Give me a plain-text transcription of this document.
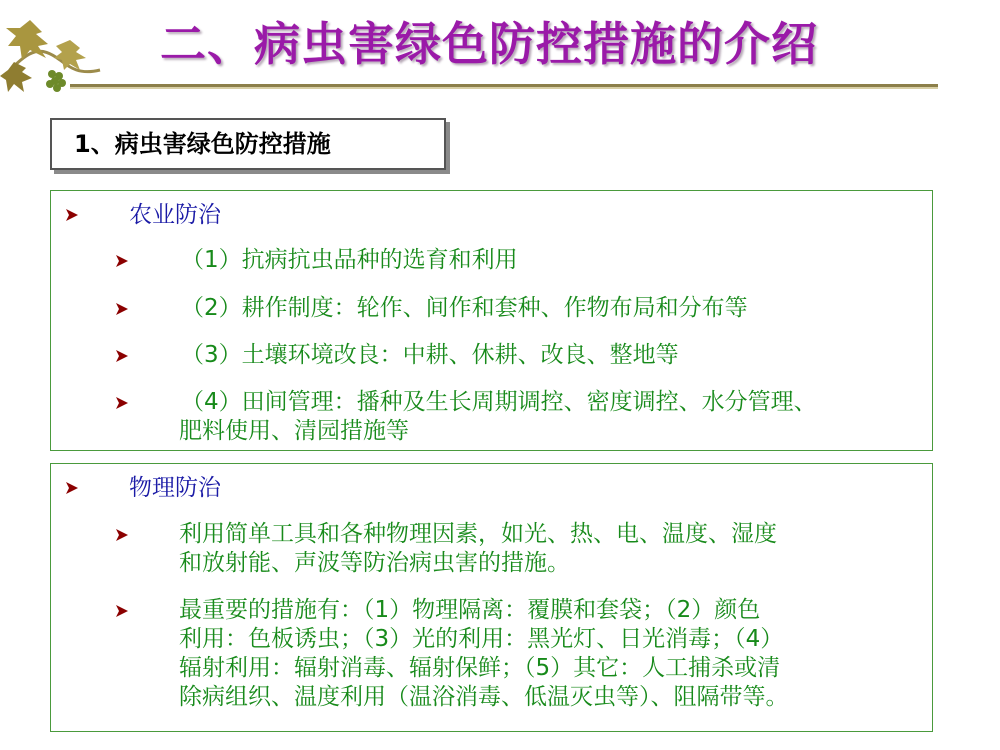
二、病虫害绿色防控措施的介绍
1、病虫害绿色防控措施
农业防治
（1）抗病抗虫品种的选育和利用
（2）耕作制度：轮作、间作和套种、作物布局和分布等
（3）土壤环境改良：中耕、休耕、改良、整地等
（4）田间管理：播种及生长周期调控、密度调控、水分管理、
肥料使用、清园措施等
物理防治
利用简单工具和各种物理因素，如光、热、电、温度、湿度
和放射能、声波等防治病虫害的措施。
最重要的措施有：（1）物理隔离：覆膜和套袋；（2）颜色
利用：色板诱虫；（3）光的利用：黑光灯、日光消毒；（4）
辐射利用：辐射消毒、辐射保鲜；（5）其它：人工捕杀或清
除病组织、温度利用（温浴消毒、低温灭虫等）、阻隔带等。
